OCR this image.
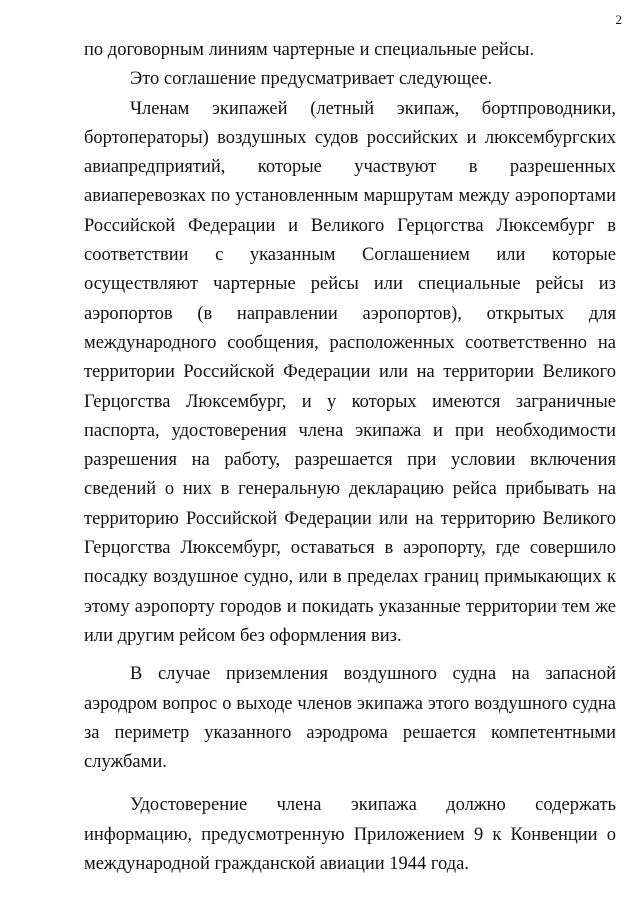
2

по договорным линиям чартерные и специальные рейсы.

Это соглашение предусматривает следующее.

Членам экипажей (летный экипаж, бортпроводники, бортоператоры) воздушных судов российских и люксембургских авиапредприятий, которые участвуют в разрешенных авиаперевозках по установленным маршрутам между аэропортами Российской Федерации и Великого Герцогства Люксембург в соответствии с указанным Соглашением или которые осуществляют чартерные рейсы или специальные рейсы из аэропортов (в направлении аэропортов), открытых для международного сообщения, расположенных соответственно на территории Российской Федерации или на территории Великого Герцогства Люксембург, и у которых имеются заграничные паспорта, удостоверения члена экипажа и при необходимости разрешения на работу, разрешается при условии включения сведений о них в генеральную декларацию рейса прибывать на территорию Российской Федерации или на территорию Великого Герцогства Люксембург, оставаться в аэропорту, где совершило посадку воздушное судно, или в пределах границ примыкающих к этому аэропорту городов и покидать указанные территории тем же или другим рейсом без оформления виз.

В случае приземления воздушного судна на запасной аэродром вопрос о выходе членов экипажа этого воздушного судна за периметр указанного аэродрома решается компетентными службами.

Удостоверение члена экипажа должно содержать информацию, предусмотренную Приложением 9 к Конвенции о международной гражданской авиации 1944 года.
